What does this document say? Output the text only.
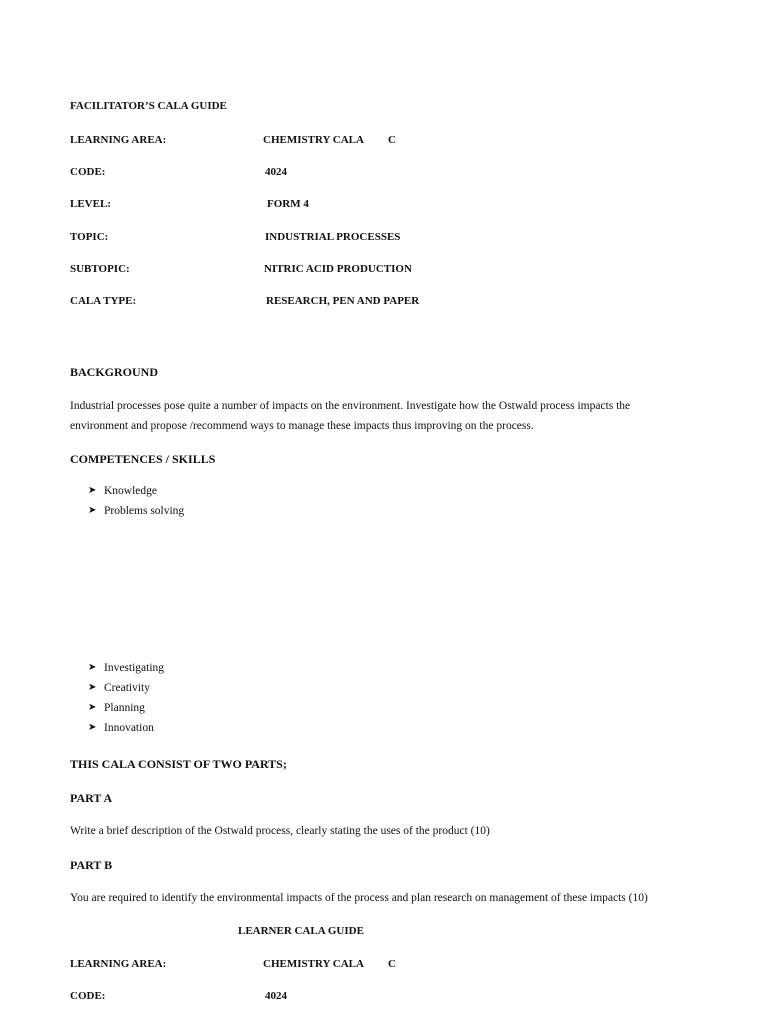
FACILITATOR’S CALA GUIDE
LEARNING AREA:	CHEMISTRY CALA C
CODE:	4024
LEVEL:	FORM 4
TOPIC:	INDUSTRIAL PROCESSES
SUBTOPIC:	NITRIC ACID PRODUCTION
CALA TYPE:	RESEARCH, PEN AND PAPER
BACKGROUND
Industrial processes pose quite a number of impacts on the environment. Investigate how the Ostwald process impacts the
environment and propose /recommend ways to manage these impacts thus improving on the process.
COMPETENCES / SKILLS
➤ Knowledge
➤ Problems solving
➤ Investigating
➤ Creativity
➤ Planning
➤ Innovation
THIS CALA CONSIST OF TWO PARTS;
PART A
Write a brief description of the Ostwald process, clearly stating the uses of the product (10)
PART B
You are required to identify the environmental impacts of the process and plan research on management of these impacts (10)
LEARNER CALA GUIDE
LEARNING AREA:	CHEMISTRY CALA C
CODE:	4024
